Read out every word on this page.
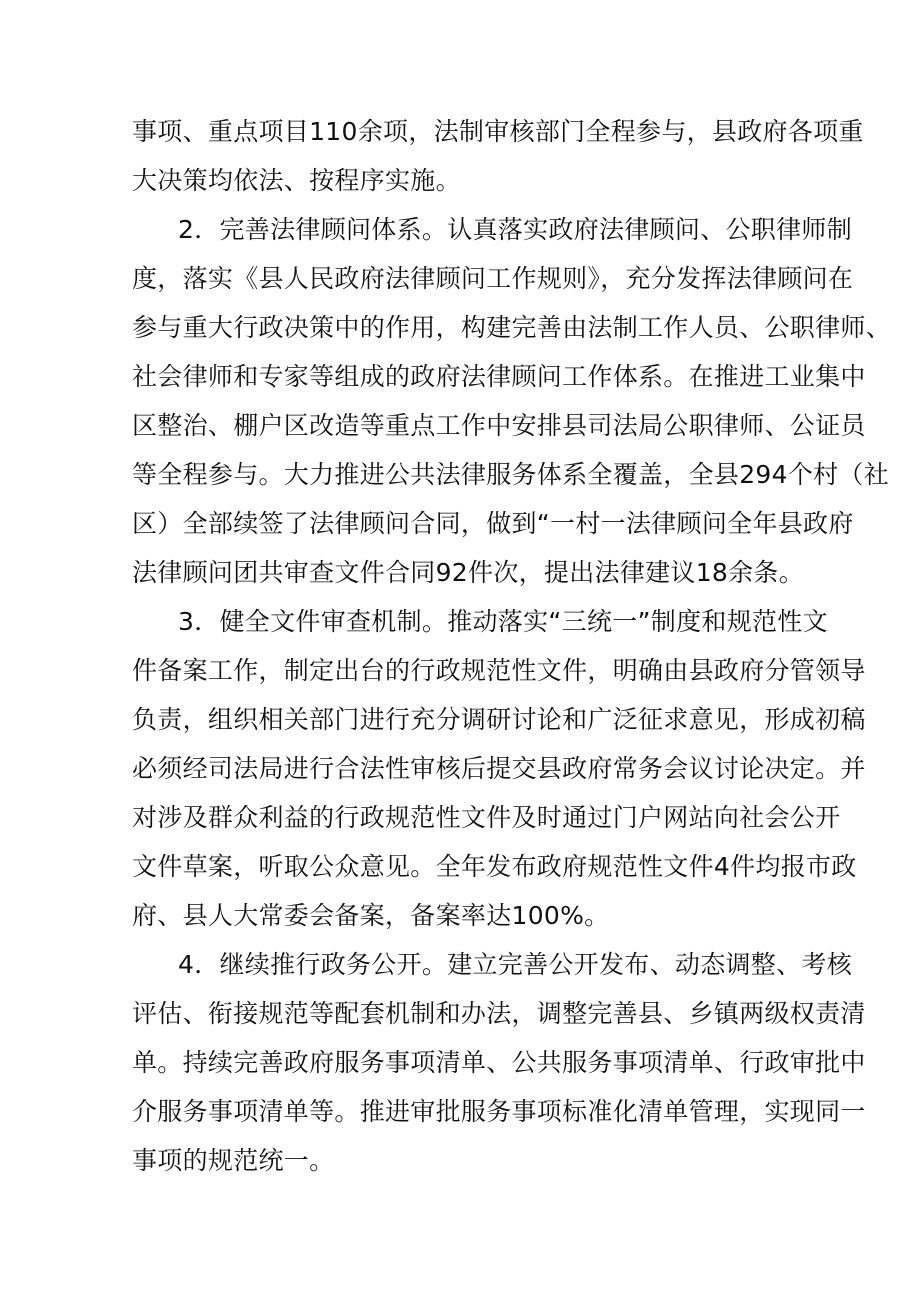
事项、重点项目110余项，法制审核部门全程参与，县政府各项重
大决策均依法、按程序实施。
2．完善法律顾问体系。认真落实政府法律顾问、公职律师制
度，落实《县人民政府法律顾问工作规则》，充分发挥法律顾问在
参与重大行政决策中的作用，构建完善由法制工作人员、公职律师、
社会律师和专家等组成的政府法律顾问工作体系。在推进工业集中
区整治、棚户区改造等重点工作中安排县司法局公职律师、公证员
等全程参与。大力推进公共法律服务体系全覆盖，全县294个村（社
区）全部续签了法律顾问合同，做到“一村一法律顾问全年县政府
法律顾问团共审查文件合同92件次，提出法律建议18余条。
3．健全文件审查机制。推动落实“三统一”制度和规范性文
件备案工作，制定出台的行政规范性文件，明确由县政府分管领导
负责，组织相关部门进行充分调研讨论和广泛征求意见，形成初稿
必须经司法局进行合法性审核后提交县政府常务会议讨论决定。并
对涉及群众利益的行政规范性文件及时通过门户网站向社会公开
文件草案，听取公众意见。全年发布政府规范性文件4件均报市政
府、县人大常委会备案，备案率达100%。
4．继续推行政务公开。建立完善公开发布、动态调整、考核
评估、衔接规范等配套机制和办法，调整完善县、乡镇两级权责清
单。持续完善政府服务事项清单、公共服务事项清单、行政审批中
介服务事项清单等。推进审批服务事项标准化清单管理，实现同一
事项的规范统一。
